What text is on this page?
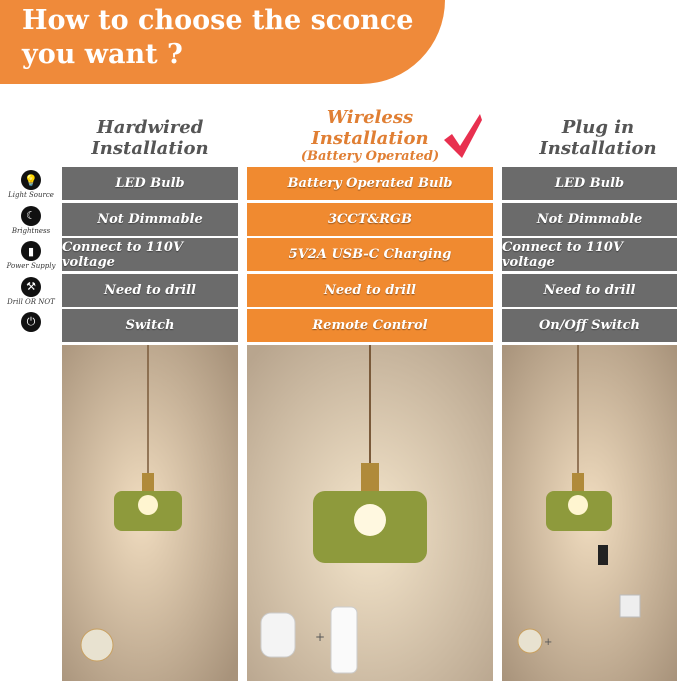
How to choose the sconce you want ?
Hardwired Installation
Wireless Installation
(Battery Operated)
Plug in Installation
💡
Light Source
☾
Brightness
▮
Power Supply
⚒
Drill OR NOT
⏻
LED Bulb
Not Dimmable
Connect to 110V voltage
Need to drill
Switch
Battery Operated Bulb
3CCT&RGB
5V2A USB-C Charging
Need to drill
Remote Control
LED Bulb
Not Dimmable
Connect to 110V voltage
Need to drill
On/Off Switch
+	+
